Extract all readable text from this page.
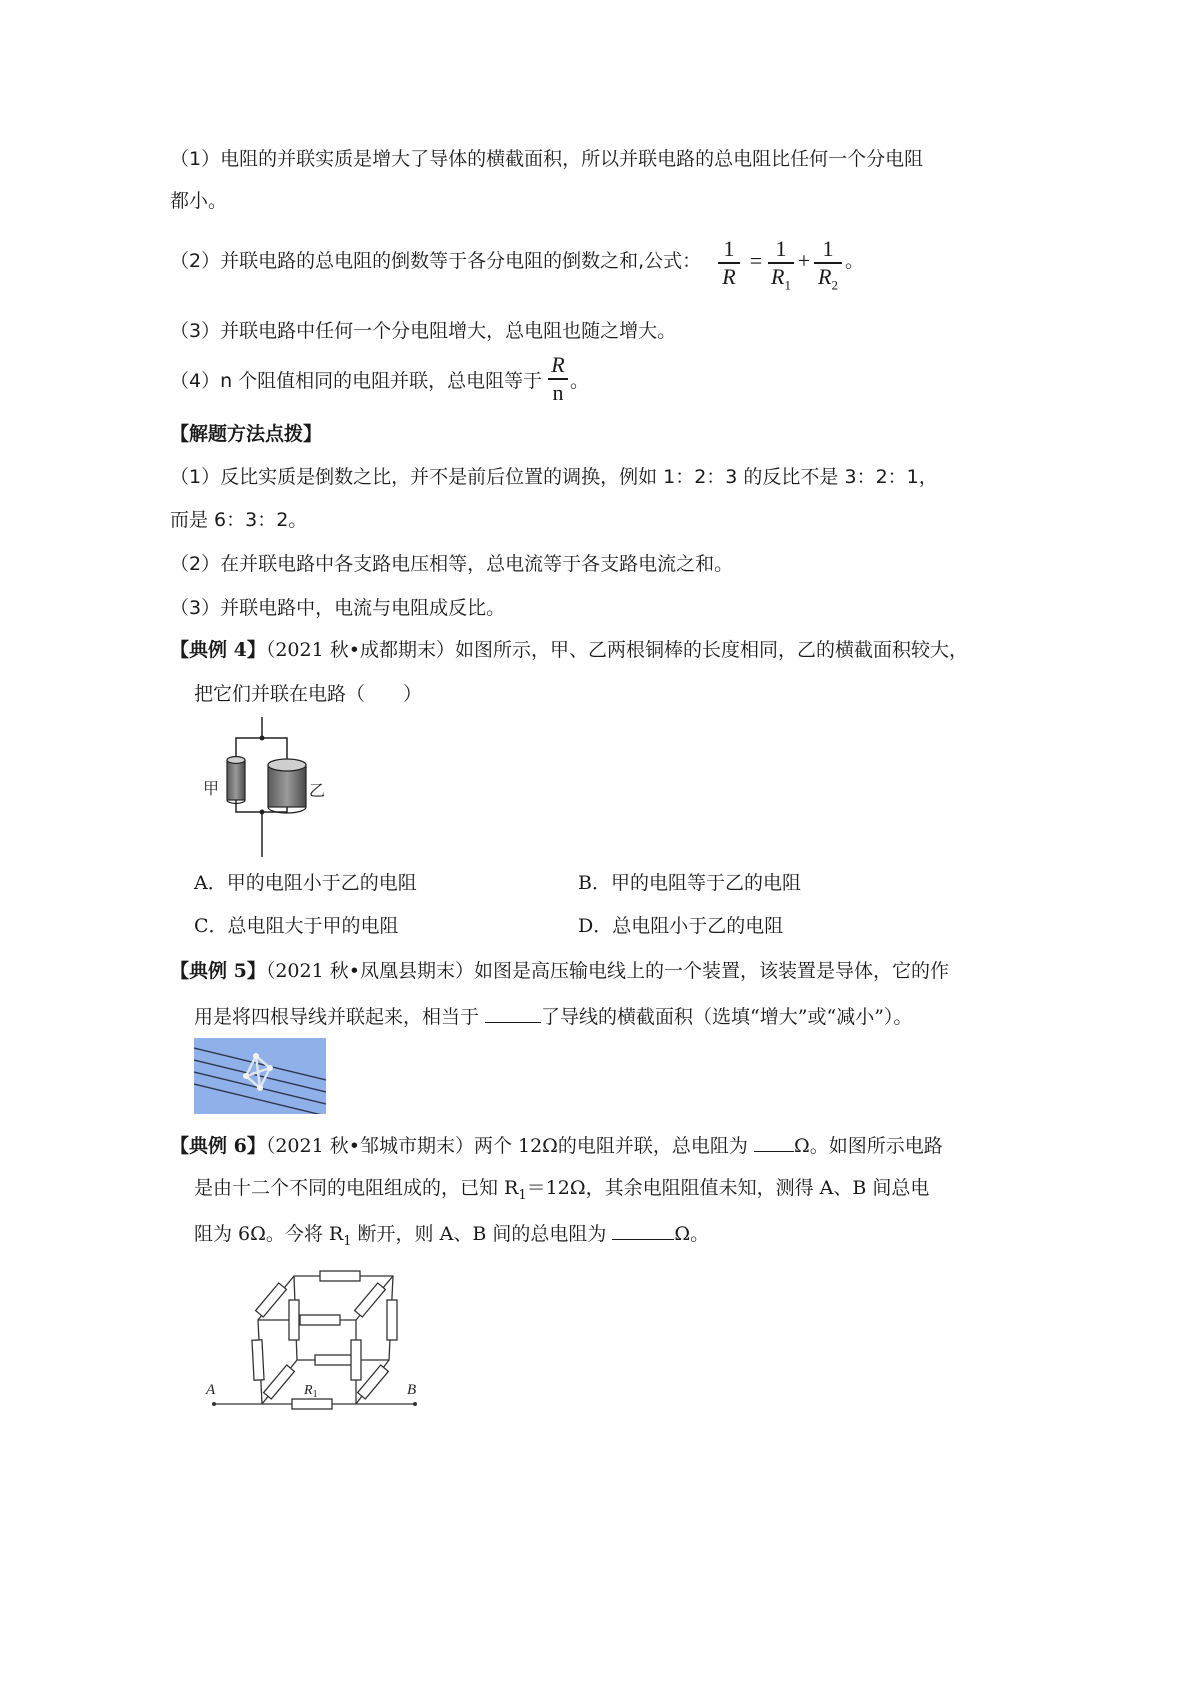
（1）电阻的并联实质是增大了导体的横截面积，所以并联电路的总电阻比任何一个分电阻
都小。
（2）并联电路的总电阻的倒数等于各分电阻的倒数之和,公式： 1
R
= 1
$R_1$
+ 1
$R_2$
。
（3）并联电路中任何一个分电阻增大，总电阻也随之增大。
（4）n 个阻值相同的电阻并联，总电阻等于
R
n 。
【解题方法点拨】
（1）反比实质是倒数之比，并不是前后位置的调换，例如 1：2：3 的反比不是 3：2：1，
而是 6：3：2。
（2）在并联电路中各支路电压相等，总电流等于各支路电流之和。
（3）并联电路中，电流与电阻成反比。
【典例 4】（2021 秋•成都期末）如图所示，甲、乙两根铜棒的长度相同，乙的横截面积较大，
把它们并联在电路（　　）
甲	乙
A．甲的电阻小于乙的电阻	B．甲的电阻等于乙的电阻
C．总电阻大于甲的电阻	D．总电阻小于乙的电阻
【典例 5】（2021 秋•凤凰县期末）如图是高压输电线上的一个装置，该装置是导体，它的作
用是将四根导线并联起来，相当于	了导线的横截面积（选填“增大”或“减小”）。
【典例 6】（2021 秋•邹城市期末）两个 12Ω的电阻并联，总电阻为 Ω。如图所示电路
是由十二个不同的电阻组成的，已知 $R_1=12\Omega$，其余电阻阻值未知，测得 A、B 间总电
阻为 6Ω。今将 $R_1$ 断开，则 A、B 间的总电阻为	Ω。
A	B
$R_1$
